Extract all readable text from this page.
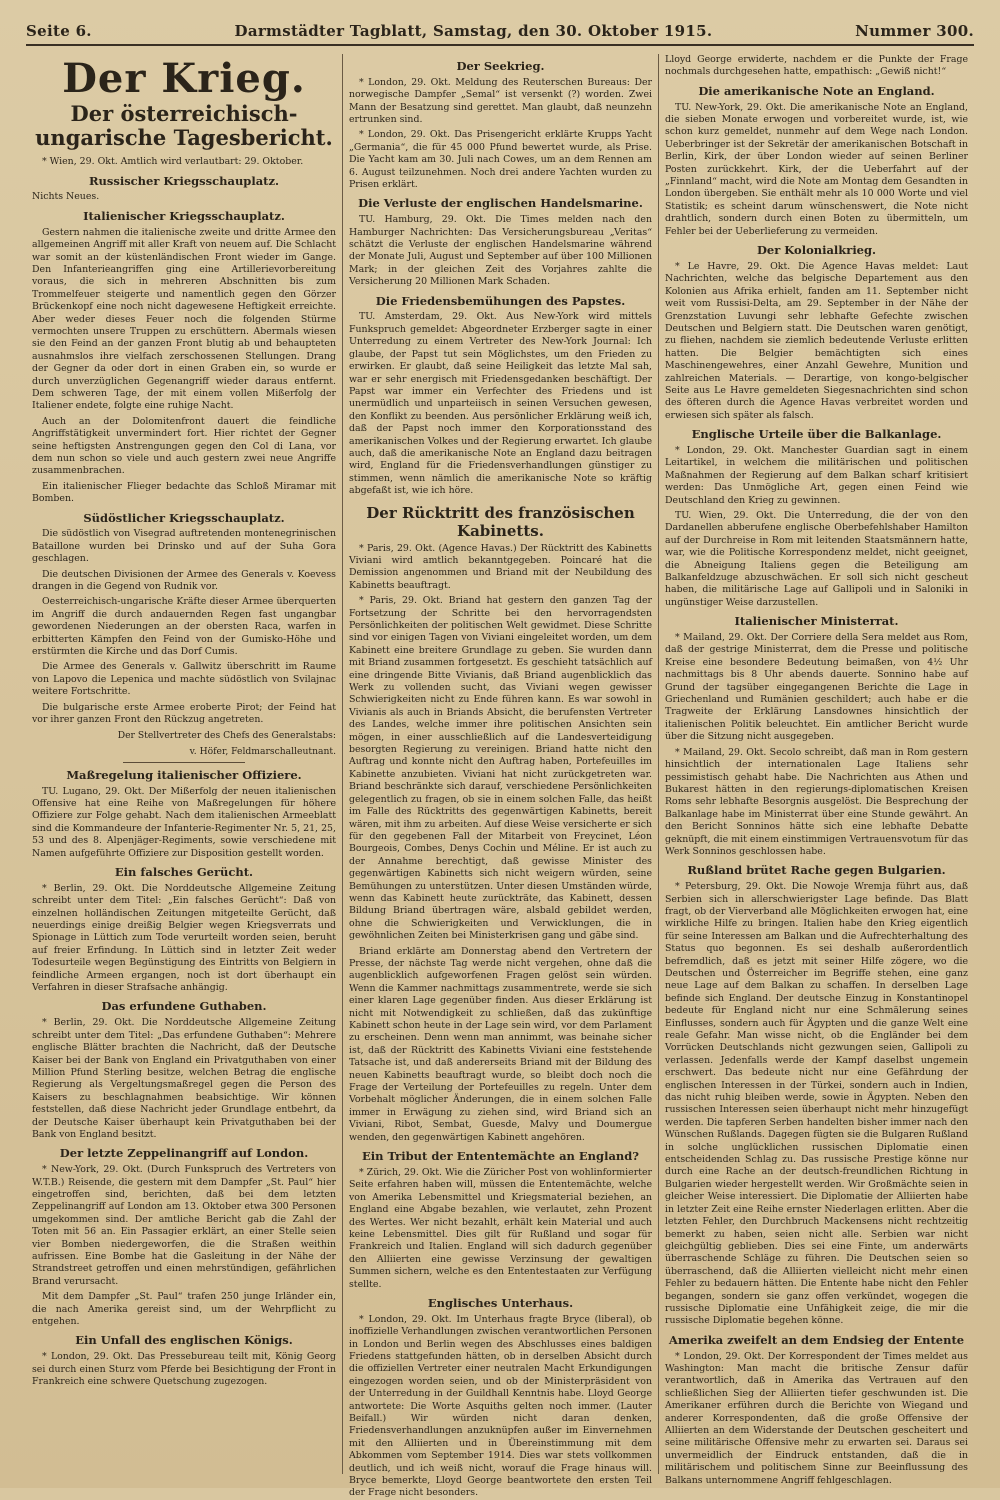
Seite 6.	Darmstädter Tagblatt, Samstag, den 30. Oktober 1915.	Nummer 300.
Der Krieg.
Der österreichisch-ungarische Tagesbericht.

* Wien, 29. Okt. Amtlich wird verlautbart: 29. Oktober.

Russischer Kriegsschauplatz.

Nichts Neues.

Italienischer Kriegsschauplatz.

Gestern nahmen die italienische zweite und dritte Armee den allgemeinen Angriff mit aller Kraft von neuem auf. Die Schlacht war somit an der küstenländischen Front wieder im Gange. Den Infanterieangriffen ging eine Artillerievorbereitung voraus, die sich in mehreren Abschnitten bis zum Trommelfeuer steigerte und namentlich gegen den Görzer Brückenkopf eine noch nicht dagewesene Heftigkeit erreichte. Aber weder dieses Feuer noch die folgenden Stürme vermochten unsere Truppen zu erschüttern. Abermals wiesen sie den Feind an der ganzen Front blutig ab und behaupteten ausnahmslos ihre vielfach zerschossenen Stellungen. Drang der Gegner da oder dort in einen Graben ein, so wurde er durch unverzüglichen Gegenangriff wieder daraus entfernt. Dem schweren Tage, der mit einem vollen Mißerfolg der Italiener endete, folgte eine ruhige Nacht.

Auch an der Dolomitenfront dauert die feindliche Angriffstätigkeit unvermindert fort. Hier richtet der Gegner seine heftigsten Anstrengungen gegen den Col di Lana, vor dem nun schon so viele und auch gestern zwei neue Angriffe zusammenbrachen.

Ein italienischer Flieger bedachte das Schloß Miramar mit Bomben.

Südöstlicher Kriegsschauplatz.

Die südöstlich von Visegrad auftretenden montenegrinischen Bataillone wurden bei Drinsko und auf der Suha Gora geschlagen.

Die deutschen Divisionen der Armee des Generals v. Koevess drangen in die Gegend von Rudnik vor.

Oesterreichisch-ungarische Kräfte dieser Armee überquerten im Angriff die durch andauernden Regen fast ungangbar gewordenen Niederungen an der obersten Raca, warfen in erbitterten Kämpfen den Feind von der Gumisko-Höhe und erstürmten die Kirche und das Dorf Cumis.

Die Armee des Generals v. Gallwitz überschritt im Raume von Lapovo die Lepenica und machte südöstlich von Svilajnac weitere Fortschritte.

Die bulgarische erste Armee eroberte Pirot; der Feind hat vor ihrer ganzen Front den Rückzug angetreten.

Der Stellvertreter des Chefs des Generalstabs:
v. Höfer, Feldmarschalleutnant.
Maßregelung italienischer Offiziere.

TU. Lugano, 29. Okt. Der Mißerfolg der neuen italienischen Offensive hat eine Reihe von Maßregelungen für höhere Offiziere zur Folge gehabt. Nach dem italienischen Armeeblatt sind die Kommandeure der Infanterie-Regimenter Nr. 5, 21, 25, 53 und des 8. Alpenjäger-Regiments, sowie verschiedene mit Namen aufgeführte Offiziere zur Disposition gestellt worden.

Ein falsches Gerücht.

* Berlin, 29. Okt. Die Norddeutsche Allgemeine Zeitung schreibt unter dem Titel: „Ein falsches Gerücht“: Daß von einzelnen holländischen Zeitungen mitgeteilte Gerücht, daß neuerdings einige dreißig Belgier wegen Kriegsverrats und Spionage in Lüttich zum Tode verurteilt worden seien, beruht auf freier Erfindung. In Lüttich sind in letzter Zeit weder Todesurteile wegen Begünstigung des Eintritts von Belgiern in feindliche Armeen ergangen, noch ist dort überhaupt ein Verfahren in dieser Strafsache anhängig.

Das erfundene Guthaben.

* Berlin, 29. Okt. Die Norddeutsche Allgemeine Zeitung schreibt unter dem Titel: „Das erfundene Guthaben“: Mehrere englische Blätter brachten die Nachricht, daß der Deutsche Kaiser bei der Bank von England ein Privatguthaben von einer Million Pfund Sterling besitze, welchen Betrag die englische Regierung als Vergeltungsmaßregel gegen die Person des Kaisers zu beschlagnahmen beabsichtige. Wir können feststellen, daß diese Nachricht jeder Grundlage entbehrt, da der Deutsche Kaiser überhaupt kein Privatguthaben bei der Bank von England besitzt.

Der letzte Zeppelinangriff auf London.

* New-York, 29. Okt. (Durch Funkspruch des Vertreters von W.T.B.) Reisende, die gestern mit dem Dampfer „St. Paul“ hier eingetroffen sind, berichten, daß bei dem letzten Zeppelinangriff auf London am 13. Oktober etwa 300 Personen umgekommen sind. Der amtliche Bericht gab die Zahl der Toten mit 56 an. Ein Passagier erklärt, an einer Stelle seien vier Bomben niedergeworfen, die die Straßen weithin aufrissen. Eine Bombe hat die Gasleitung in der Nähe der Strandstreet getroffen und einen mehrstündigen, gefährlichen Brand verursacht.

Mit dem Dampfer „St. Paul“ trafen 250 junge Irländer ein, die nach Amerika gereist sind, um der Wehrpflicht zu entgehen.

Ein Unfall des englischen Königs.

* London, 29. Okt. Das Pressebureau teilt mit, König Georg sei durch einen Sturz vom Pferde bei Besichtigung der Front in Frankreich eine schwere Quetschung zugezogen.

Der Seekrieg.

* London, 29. Okt. Meldung des Reuterschen Bureaus: Der norwegische Dampfer „Semal“ ist versenkt (?) worden. Zwei Mann der Besatzung sind gerettet. Man glaubt, daß neunzehn ertrunken sind.

* London, 29. Okt. Das Prisengericht erklärte Krupps Yacht „Germania“, die für 45 000 Pfund bewertet wurde, als Prise. Die Yacht kam am 30. Juli nach Cowes, um an dem Rennen am 6. August teilzunehmen. Noch drei andere Yachten wurden zu Prisen erklärt.

Die Verluste der englischen Handelsmarine.

TU. Hamburg, 29. Okt. Die Times melden nach den Hamburger Nachrichten: Das Versicherungsbureau „Veritas“ schätzt die Verluste der englischen Handelsmarine während der Monate Juli, August und September auf über 100 Millionen Mark; in der gleichen Zeit des Vorjahres zahlte die Versicherung 20 Millionen Mark Schaden.

Die Friedensbemühungen des Papstes.

TU. Amsterdam, 29. Okt. Aus New-York wird mittels Funkspruch gemeldet: Abgeordneter Erzberger sagte in einer Unterredung zu einem Vertreter des New-York Journal: Ich glaube, der Papst tut sein Möglichstes, um den Frieden zu erwirken. Er glaubt, daß seine Heiligkeit das letzte Mal sah, war er sehr energisch mit Friedensgedanken beschäftigt. Der Papst war immer ein Verfechter des Friedens und ist unermüdlich und unparteiisch in seinen Versuchen gewesen, den Konflikt zu beenden. Aus persönlicher Erklärung weiß ich, daß der Papst noch immer den Korporationsstand des amerikanischen Volkes und der Regierung erwartet. Ich glaube auch, daß die amerikanische Note an England dazu beitragen wird, England für die Friedensverhandlungen günstiger zu stimmen, wenn nämlich die amerikanische Note so kräftig abgefaßt ist, wie ich höre.

Der Rücktritt des französischen Kabinetts.

* Paris, 29. Okt. (Agence Havas.) Der Rücktritt des Kabinetts Viviani wird amtlich bekanntgegeben. Poincaré hat die Demission angenommen und Briand mit der Neubildung des Kabinetts beauftragt.

* Paris, 29. Okt. Briand hat gestern den ganzen Tag der Fortsetzung der Schritte bei den hervorragendsten Persönlichkeiten der politischen Welt gewidmet. Diese Schritte sind vor einigen Tagen von Viviani eingeleitet worden, um dem Kabinett eine breitere Grundlage zu geben. Sie wurden dann mit Briand zusammen fortgesetzt. Es geschieht tatsächlich auf eine dringende Bitte Vivianis, daß Briand augenblicklich das Werk zu vollenden sucht, das Viviani wegen gewisser Schwierigkeiten nicht zu Ende führen kann. Es war sowohl in Vivianis als auch in Briands Absicht, die berufensten Vertreter des Landes, welche immer ihre politischen Ansichten sein mögen, in einer ausschließlich auf die Landesverteidigung besorgten Regierung zu vereinigen. Briand hatte nicht den Auftrag und konnte nicht den Auftrag haben, Portefeuilles im Kabinette anzubieten. Viviani hat nicht zurückgetreten war. Briand beschränkte sich darauf, verschiedene Persönlichkeiten gelegentlich zu fragen, ob sie in einem solchen Falle, das heißt im Falle des Rücktritts des gegenwärtigen Kabinetts, bereit wären, mit ihm zu arbeiten. Auf diese Weise versicherte er sich für den gegebenen Fall der Mitarbeit von Freycinet, Léon Bourgeois, Combes, Denys Cochin und Méline. Er ist auch zu der Annahme berechtigt, daß gewisse Minister des gegenwärtigen Kabinetts sich nicht weigern würden, seine Bemühungen zu unterstützen. Unter diesen Umständen würde, wenn das Kabinett heute zurückträte, das Kabinett, dessen Bildung Briand übertragen wäre, alsbald gebildet werden, ohne die Schwierigkeiten und Verwicklungen, die in gewöhnlichen Zeiten bei Ministerkrisen gang und gäbe sind.

Briand erklärte am Donnerstag abend den Vertretern der Presse, der nächste Tag werde nicht vergehen, ohne daß die augenblicklich aufgeworfenen Fragen gelöst sein würden. Wenn die Kammer nachmittags zusammentrete, werde sie sich einer klaren Lage gegenüber finden. Aus dieser Erklärung ist nicht mit Notwendigkeit zu schließen, daß das zukünftige Kabinett schon heute in der Lage sein wird, vor dem Parlament zu erscheinen. Denn wenn man annimmt, was beinahe sicher ist, daß der Rücktritt des Kabinetts Viviani eine feststehende Tatsache ist, und daß andererseits Briand mit der Bildung des neuen Kabinetts beauftragt wurde, so bleibt doch noch die Frage der Verteilung der Portefeuilles zu regeln. Unter dem Vorbehalt möglicher Änderungen, die in einem solchen Falle immer in Erwägung zu ziehen sind, wird Briand sich an Viviani, Ribot, Sembat, Guesde, Malvy und Doumergue wenden, den gegenwärtigen Kabinett angehören.

Ein Tribut der Ententemächte an England?

* Zürich, 29. Okt. Wie die Züricher Post von wohlinformierter Seite erfahren haben will, müssen die Ententemächte, welche von Amerika Lebensmittel und Kriegsmaterial beziehen, an England eine Abgabe bezahlen, wie verlautet, zehn Prozent des Wertes. Wer nicht bezahlt, erhält kein Material und auch keine Lebensmittel. Dies gilt für Rußland und sogar für Frankreich und Italien. England will sich dadurch gegenüber den Alliierten eine gewisse Verzinsung der gewaltigen Summen sichern, welche es den Ententestaaten zur Verfügung stellte.

Englisches Unterhaus.

* London, 29. Okt. Im Unterhaus fragte Bryce (liberal), ob inoffizielle Verhandlungen zwischen verantwortlichen Personen in London und Berlin wegen des Abschlusses eines baldigen Friedens stattgefunden hätten, ob in derselben Absicht durch die offiziellen Vertreter einer neutralen Macht Erkundigungen eingezogen worden seien, und ob der Ministerpräsident von der Unterredung in der Guildhall Kenntnis habe. Lloyd George antwortete: Die Worte Asquiths gelten noch immer. (Lauter Beifall.) Wir würden nicht daran denken, Friedensverhandlungen anzuknüpfen außer im Einvernehmen mit den Alliierten und in Übereinstimmung mit dem Abkommen vom September 1914. Dies war stets vollkommen deutlich, und ich weiß nicht, worauf die Frage hinaus will. Bryce bemerkte, Lloyd George beantwortete den ersten Teil der Frage nicht besonders.

Lloyd George erwiderte, nachdem er die Punkte der Frage nochmals durchgesehen hatte, empathisch: „Gewiß nicht!“

Die amerikanische Note an England.

TU. New-York, 29. Okt. Die amerikanische Note an England, die sieben Monate erwogen und vorbereitet wurde, ist, wie schon kurz gemeldet, nunmehr auf dem Wege nach London. Ueberbringer ist der Sekretär der amerikanischen Botschaft in Berlin, Kirk, der über London wieder auf seinen Berliner Posten zurückkehrt. Kirk, der die Ueberfahrt auf der „Finnland“ macht, wird die Note am Montag dem Gesandten in London übergeben. Sie enthält mehr als 10 000 Worte und viel Statistik; es scheint darum wünschenswert, die Note nicht drahtlich, sondern durch einen Boten zu übermitteln, um Fehler bei der Ueberlieferung zu vermeiden.

Der Kolonialkrieg.

* Le Havre, 29. Okt. Die Agence Havas meldet: Laut Nachrichten, welche das belgische Departement aus den Kolonien aus Afrika erhielt, fanden am 11. September nicht weit vom Russisi-Delta, am 29. September in der Nähe der Grenzstation Luvungi sehr lebhafte Gefechte zwischen Deutschen und Belgiern statt. Die Deutschen waren genötigt, zu fliehen, nachdem sie ziemlich bedeutende Verluste erlitten hatten. Die Belgier bemächtigten sich eines Maschinengewehres, einer Anzahl Gewehre, Munition und zahlreichen Materials. — Derartige, von kongo-belgischer Seite aus Le Havre gemeldeten Siegesnachrichten sind schon des öfteren durch die Agence Havas verbreitet worden und erwiesen sich später als falsch.

Englische Urteile über die Balkanlage.

* London, 29. Okt. Manchester Guardian sagt in einem Leitartikel, in welchem die militärischen und politischen Maßnahmen der Regierung auf dem Balkan scharf kritisiert werden: Das Unmögliche Art, gegen einen Feind wie Deutschland den Krieg zu gewinnen.

TU. Wien, 29. Okt. Die Unterredung, die der von den Dardanellen abberufene englische Oberbefehlshaber Hamilton auf der Durchreise in Rom mit leitenden Staatsmännern hatte, war, wie die Politische Korrespondenz meldet, nicht geeignet, die Abneigung Italiens gegen die Beteiligung am Balkanfeldzuge abzuschwächen. Er soll sich nicht gescheut haben, die militärische Lage auf Gallipoli und in Saloniki in ungünstiger Weise darzustellen.

Italienischer Ministerrat.

* Mailand, 29. Okt. Der Corriere della Sera meldet aus Rom, daß der gestrige Ministerrat, dem die Presse und politische Kreise eine besondere Bedeutung beimaßen, von 4½ Uhr nachmittags bis 8 Uhr abends dauerte. Sonnino habe auf Grund der tagsüber eingegangenen Berichte die Lage in Griechenland und Rumänien geschildert; auch habe er die Tragweite der Erklärung Lansdownes hinsichtlich der italienischen Politik beleuchtet. Ein amtlicher Bericht wurde über die Sitzung nicht ausgegeben.

* Mailand, 29. Okt. Secolo schreibt, daß man in Rom gestern hinsichtlich der internationalen Lage Italiens sehr pessimistisch gehabt habe. Die Nachrichten aus Athen und Bukarest hätten in den regierungs-diplomatischen Kreisen Roms sehr lebhafte Besorgnis ausgelöst. Die Besprechung der Balkanlage habe im Ministerrat über eine Stunde gewährt. An den Bericht Sonninos hätte sich eine lebhafte Debatte geknüpft, die mit einem einstimmigen Vertrauensvotum für das Werk Sonninos geschlossen habe.

Rußland brütet Rache gegen Bulgarien.

* Petersburg, 29. Okt. Die Nowoje Wremja führt aus, daß Serbien sich in allerschwierigster Lage befinde. Das Blatt fragt, ob der Vierverband alle Möglichkeiten erwogen hat, eine wirkliche Hilfe zu bringen. Italien habe den Krieg eigentlich für seine Interessen am Balkan und die Aufrechterhaltung des Status quo begonnen. Es sei deshalb außerordentlich befremdlich, daß es jetzt mit seiner Hilfe zögere, wo die Deutschen und Österreicher im Begriffe stehen, eine ganz neue Lage auf dem Balkan zu schaffen. In derselben Lage befinde sich England. Der deutsche Einzug in Konstantinopel bedeute für England nicht nur eine Schmälerung seines Einflusses, sondern auch für Ägypten und die ganze Welt eine reale Gefahr. Man wisse nicht, ob die Engländer bei dem Vorrücken Deutschlands nicht gezwungen seien, Gallipoli zu verlassen. Jedenfalls werde der Kampf daselbst ungemein erschwert. Das bedeute nicht nur eine Gefährdung der englischen Interessen in der Türkei, sondern auch in Indien, das nicht ruhig bleiben werde, sowie in Ägypten. Neben den russischen Interessen seien überhaupt nicht mehr hinzugefügt werden. Die tapferen Serben handelten bisher immer nach den Wünschen Rußlands. Dagegen fügten sie die Bulgaren Rußland in solche unglücklichen russischen Diplomatie einen entscheidenden Schlag zu. Das russische Prestige könne nur durch eine Rache an der deutsch-freundlichen Richtung in Bulgarien wieder hergestellt werden. Wir Großmächte seien in gleicher Weise interessiert. Die Diplomatie der Alliierten habe in letzter Zeit eine Reihe ernster Niederlagen erlitten. Aber die letzten Fehler, den Durchbruch Mackensens nicht rechtzeitig bemerkt zu haben, seien nicht alle. Serbien war nicht gleichgültig geblieben. Dies sei eine Finte, um anderwärts überraschende Schläge zu führen. Die Deutschen seien so überraschend, daß die Alliierten vielleicht nicht mehr einen Fehler zu bedauern hätten. Die Entente habe nicht den Fehler begangen, sondern sie ganz offen verkündet, wogegen die russische Diplomatie eine Unfähigkeit zeige, die mir die russische Diplomatie begehen könne.

Amerika zweifelt an dem Endsieg der Entente

* London, 29. Okt. Der Korrespondent der Times meldet aus Washington: Man macht die britische Zensur dafür verantwortlich, daß in Amerika das Vertrauen auf den schließlichen Sieg der Alliierten tiefer geschwunden ist. Die Amerikaner erführen durch die Berichte von Wiegand und anderer Korrespondenten, daß die große Offensive der Alliierten an dem Widerstande der Deutschen gescheitert und seine militärische Offensive mehr zu erwarten sei. Daraus sei unvermeidlich der Eindruck entstanden, daß die in militärischem und politischem Sinne zur Beeinflussung des Balkans unternommene Angriff fehlgeschlagen.
